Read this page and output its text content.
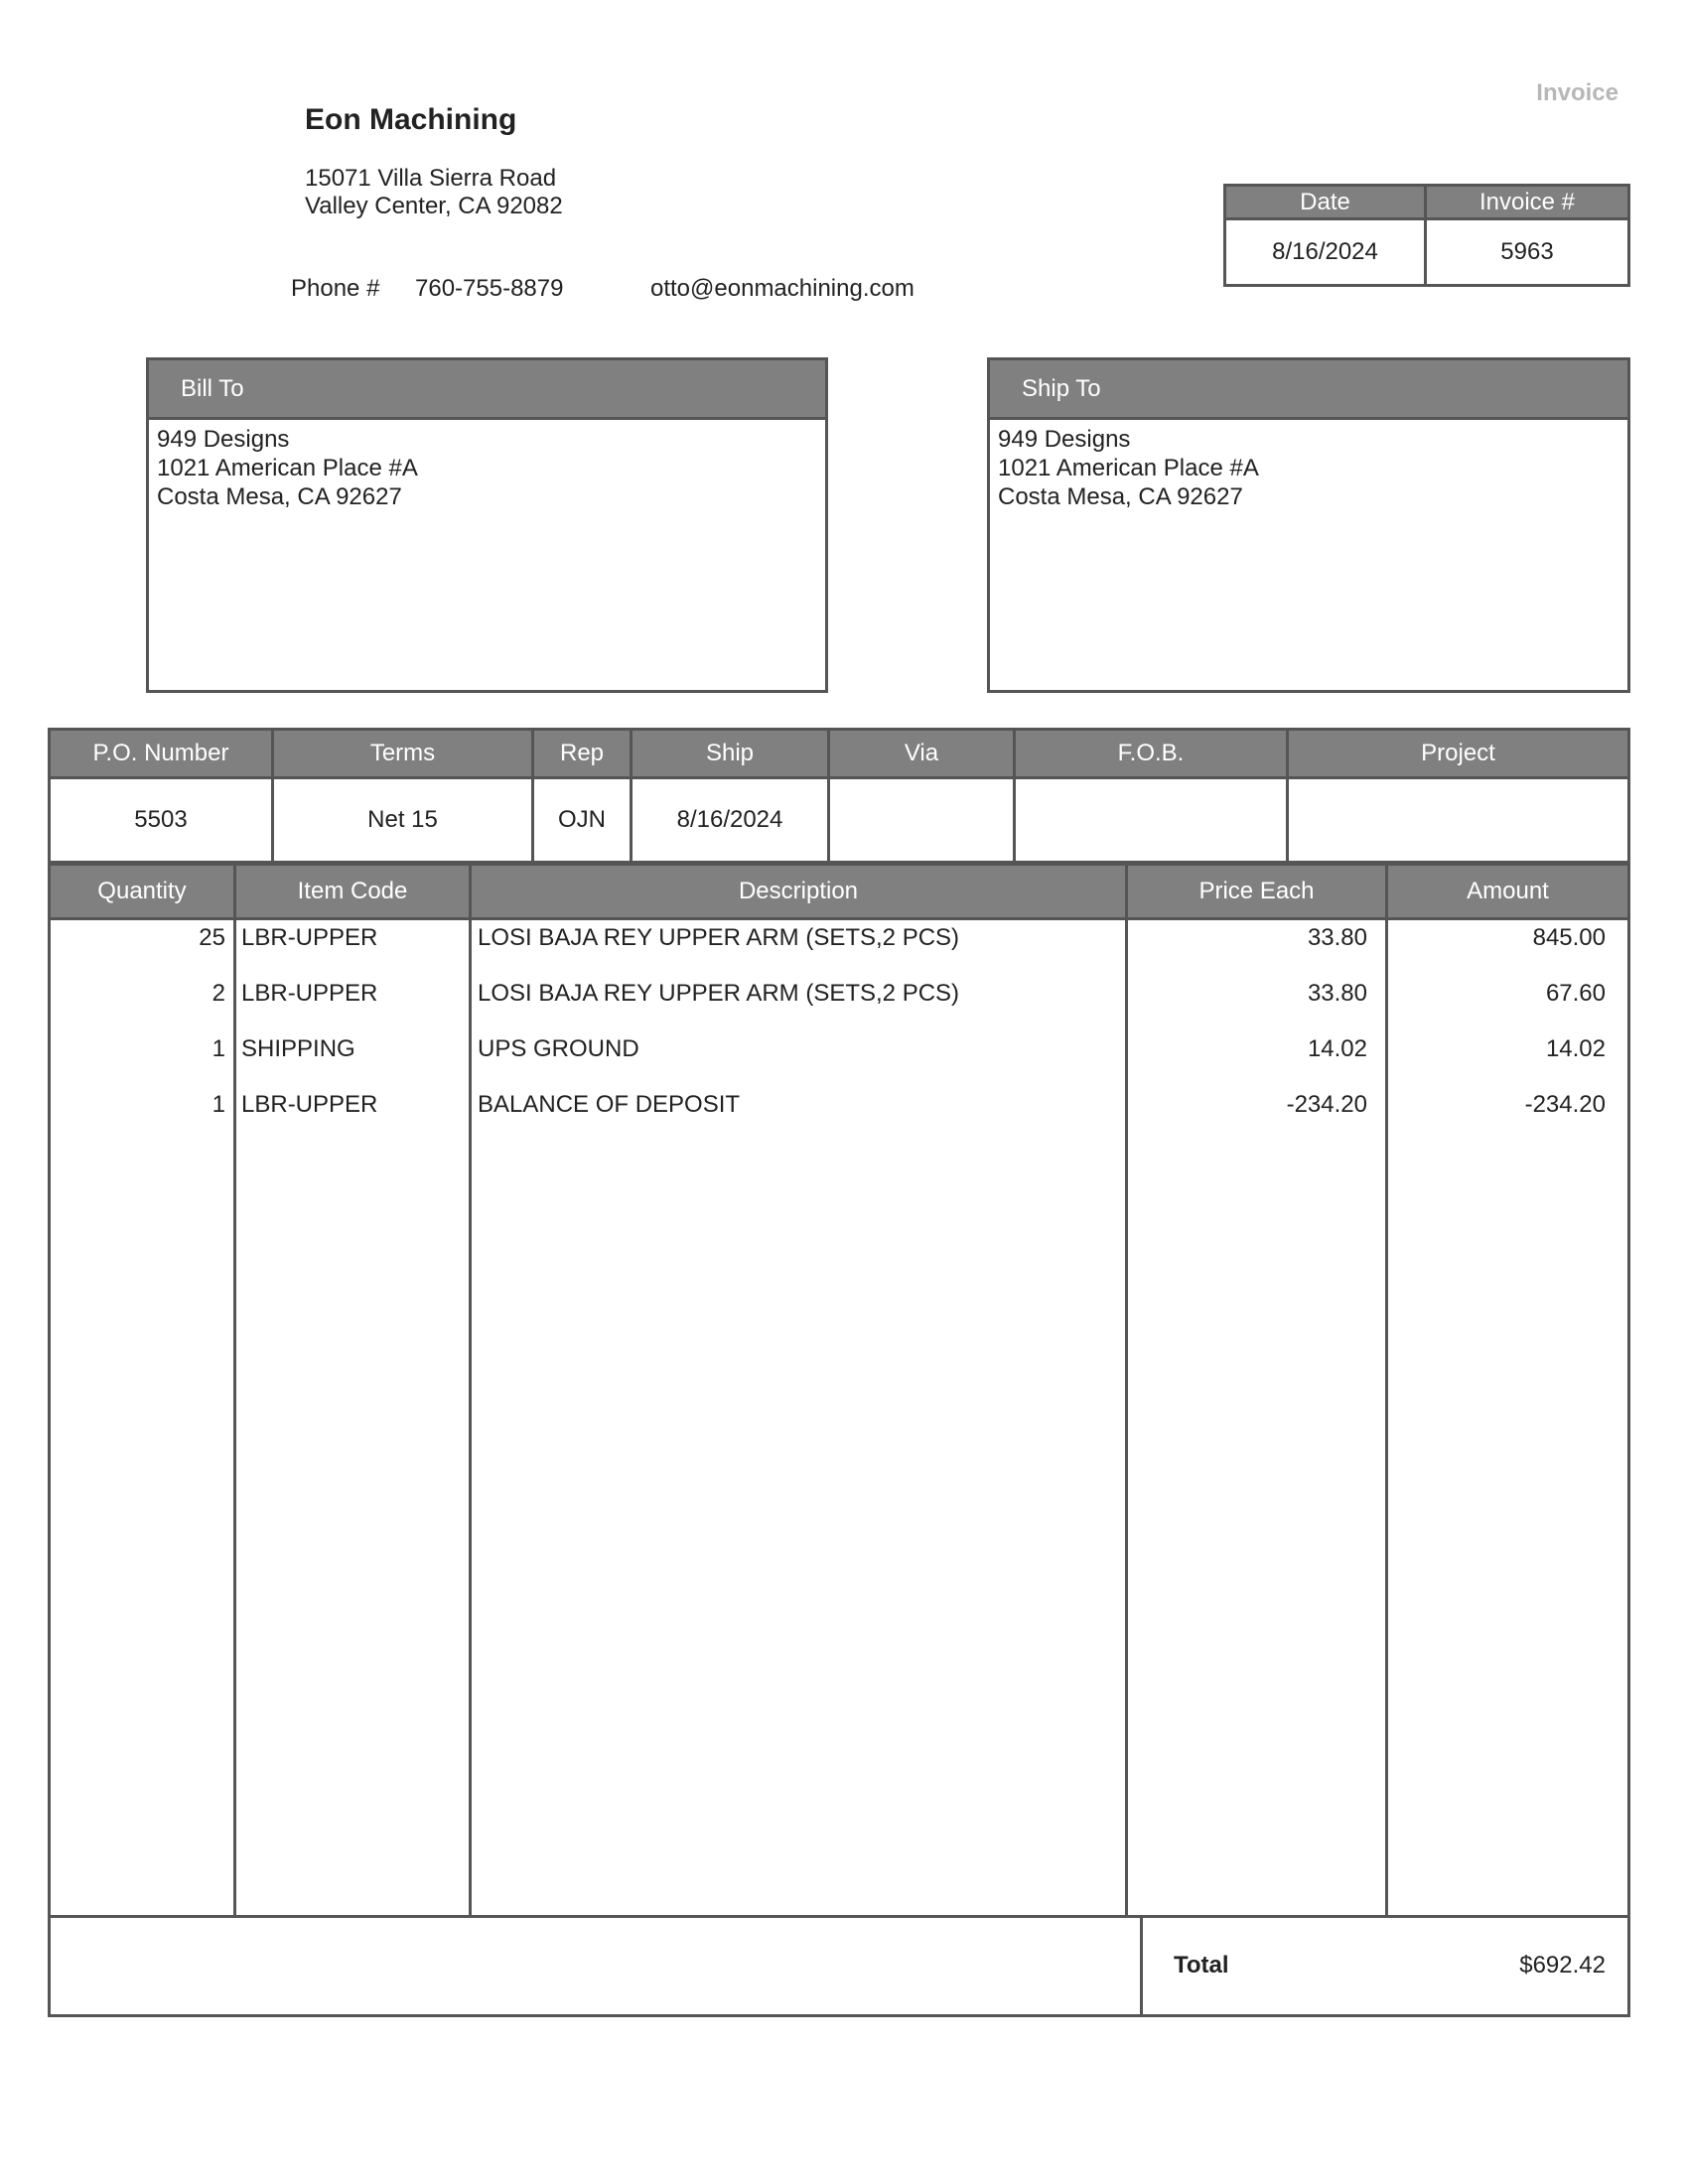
Invoice
Eon Machining
15071 Villa Sierra Road
Valley Center, CA 92082
Phone # 760-755-8879	otto@eonmachining.com
Date	Invoice #
8/16/2024	5963
Bill To
949 Designs
1021 American Place #A
Costa Mesa, CA 92627
Ship To
949 Designs
1021 American Place #A
Costa Mesa, CA 92627
P.O. Number	Terms	Rep	Ship	Via	F.O.B.	Project
5503	Net 15	OJN	8/16/2024
Quantity	Item Code	Description	Price Each	Amount
25 LBR-UPPER	LOSI BAJA REY UPPER ARM (SETS,2 PCS)	33.80	845.00
2 LBR-UPPER	LOSI BAJA REY UPPER ARM (SETS,2 PCS)	33.80	67.60
1 SHIPPING	UPS GROUND	14.02	14.02
1 LBR-UPPER	BALANCE OF DEPOSIT	-234.20	-234.20
Total	$692.42
